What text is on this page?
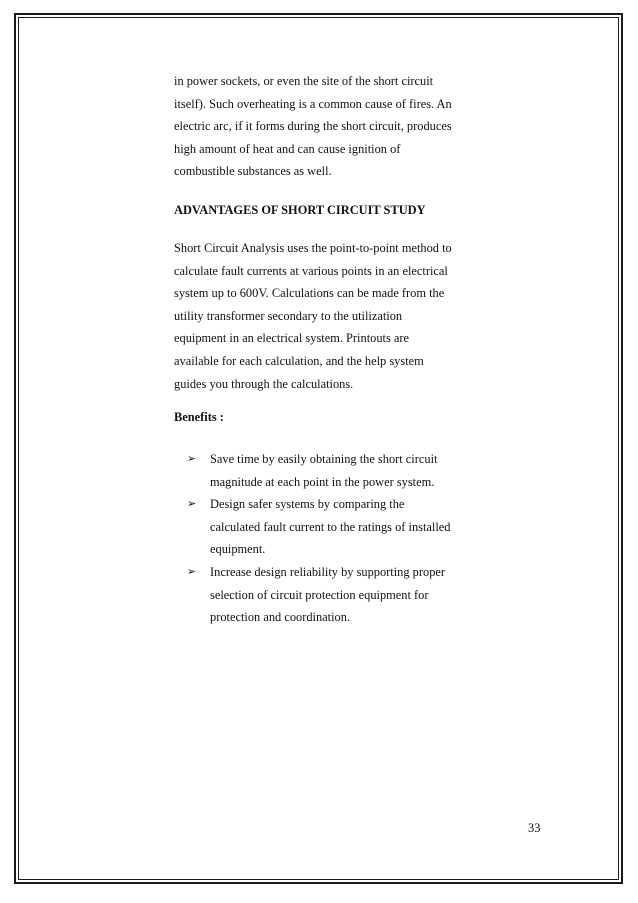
in power sockets, or even the site of the short circuit

itself). Such overheating is a common cause of fires. An

electric arc, if it forms during the short circuit, produces

high amount of heat and can cause ignition of

combustible substances as well.

ADVANTAGES OF SHORT CIRCUIT STUDY

Short Circuit Analysis uses the point-to-point method to

calculate fault currents at various points in an electrical

system up to 600V. Calculations can be made from the

utility transformer secondary to the utilization

equipment in an electrical system. Printouts are

available for each calculation, and the help system

guides you through the calculations.

Benefits :
➢ Save time by easily obtaining the short circuit

magnitude at each point in the power system.

➢ Design safer systems by comparing the

calculated fault current to the ratings of installed

equipment.

➢ Increase design reliability by supporting proper

selection of circuit protection equipment for

protection and coordination.

33
